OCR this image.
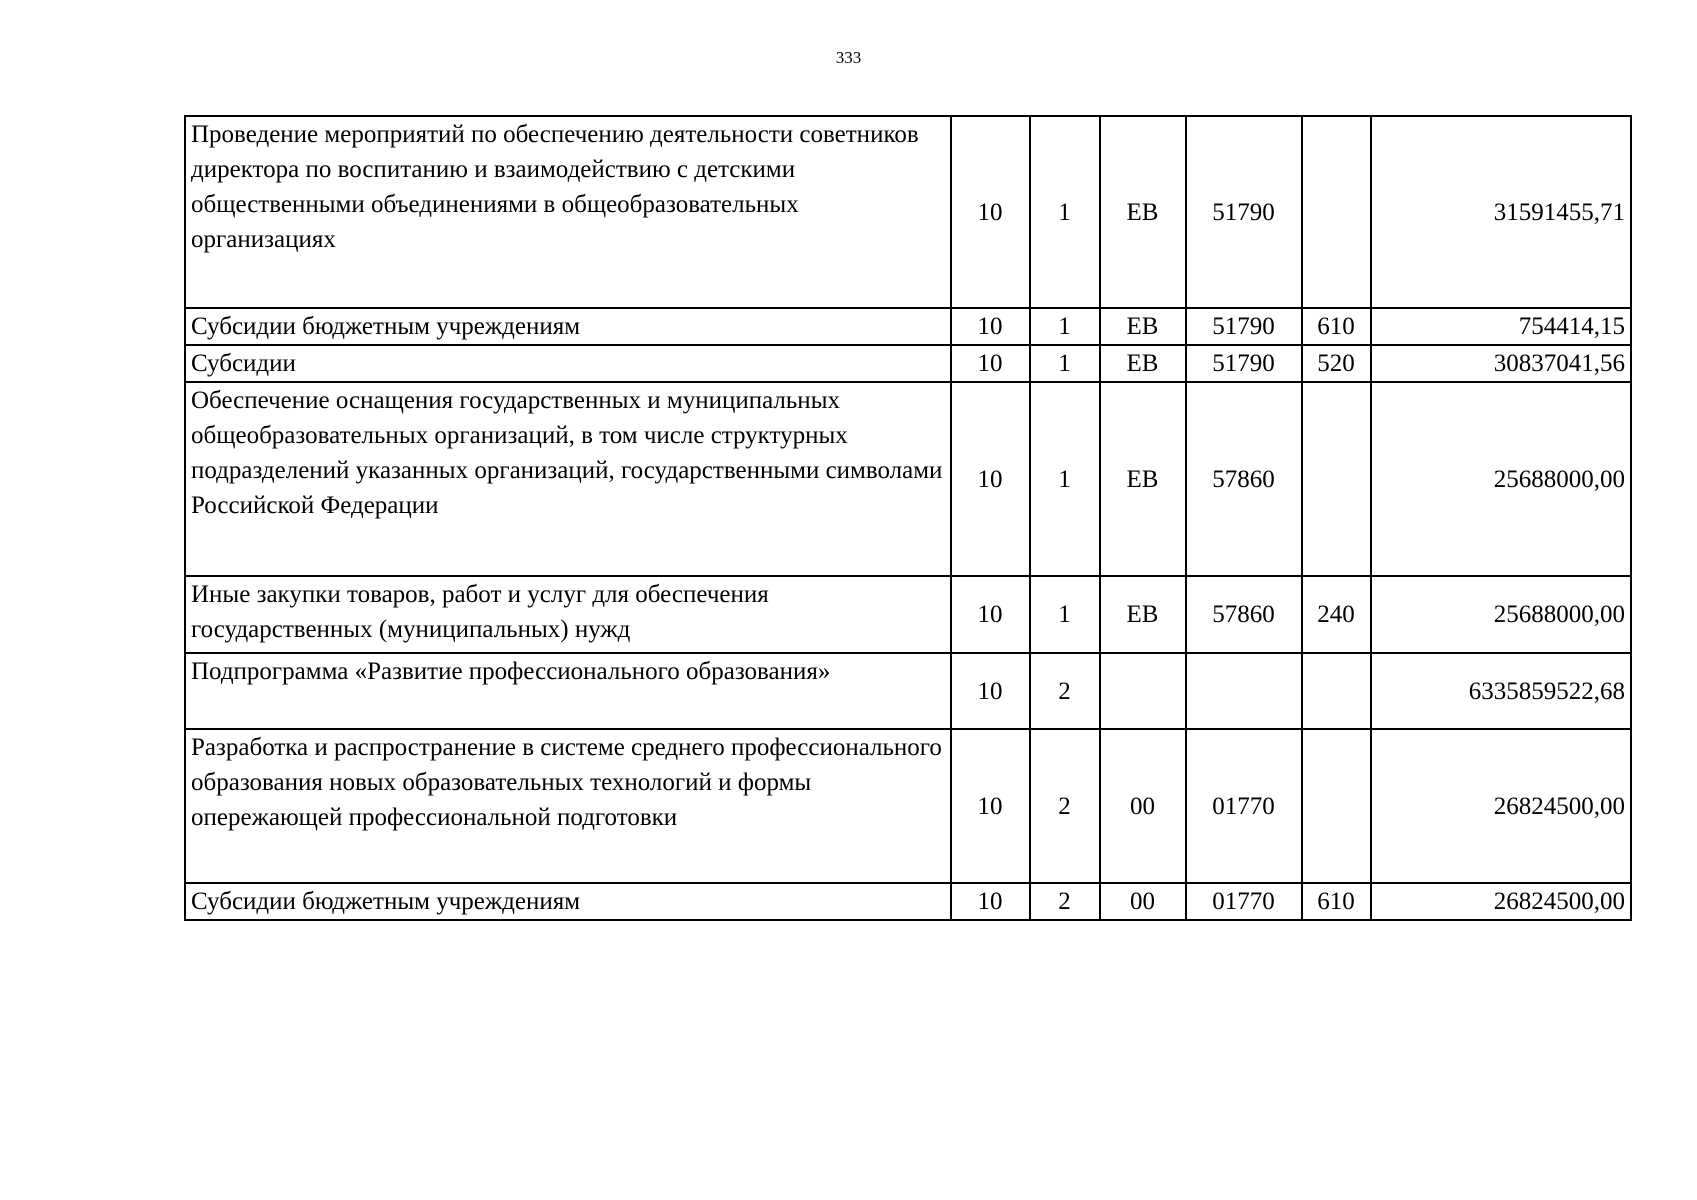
333
Проведение мероприятий по обеспечению деятельности советников директора по воспитанию и взаимодействию с детскими общественными объединениями в общеобразовательных организациях	10	1	ЕВ	51790		31591455,71
Субсидии бюджетным учреждениям	10	1	ЕВ	51790	610	754414,15
Субсидии	10	1	ЕВ	51790	520	30837041,56
Обеспечение оснащения государственных и муниципальных общеобразовательных организаций, в том числе структурных подразделений указанных организаций, государственными символами Российской Федерации	10	1	ЕВ	57860		25688000,00
Иные закупки товаров, работ и услуг для обеспечения государственных (муниципальных) нужд	10	1	ЕВ	57860	240	25688000,00
Подпрограмма «Развитие профессионального образования»	10	2				6335859522,68
Разработка и распространение в системе среднего профессионального образования новых образовательных технологий и формы опережающей профессиональной подготовки	10	2	00	01770		26824500,00
Субсидии бюджетным учреждениям	10	2	00	01770	610	26824500,00
